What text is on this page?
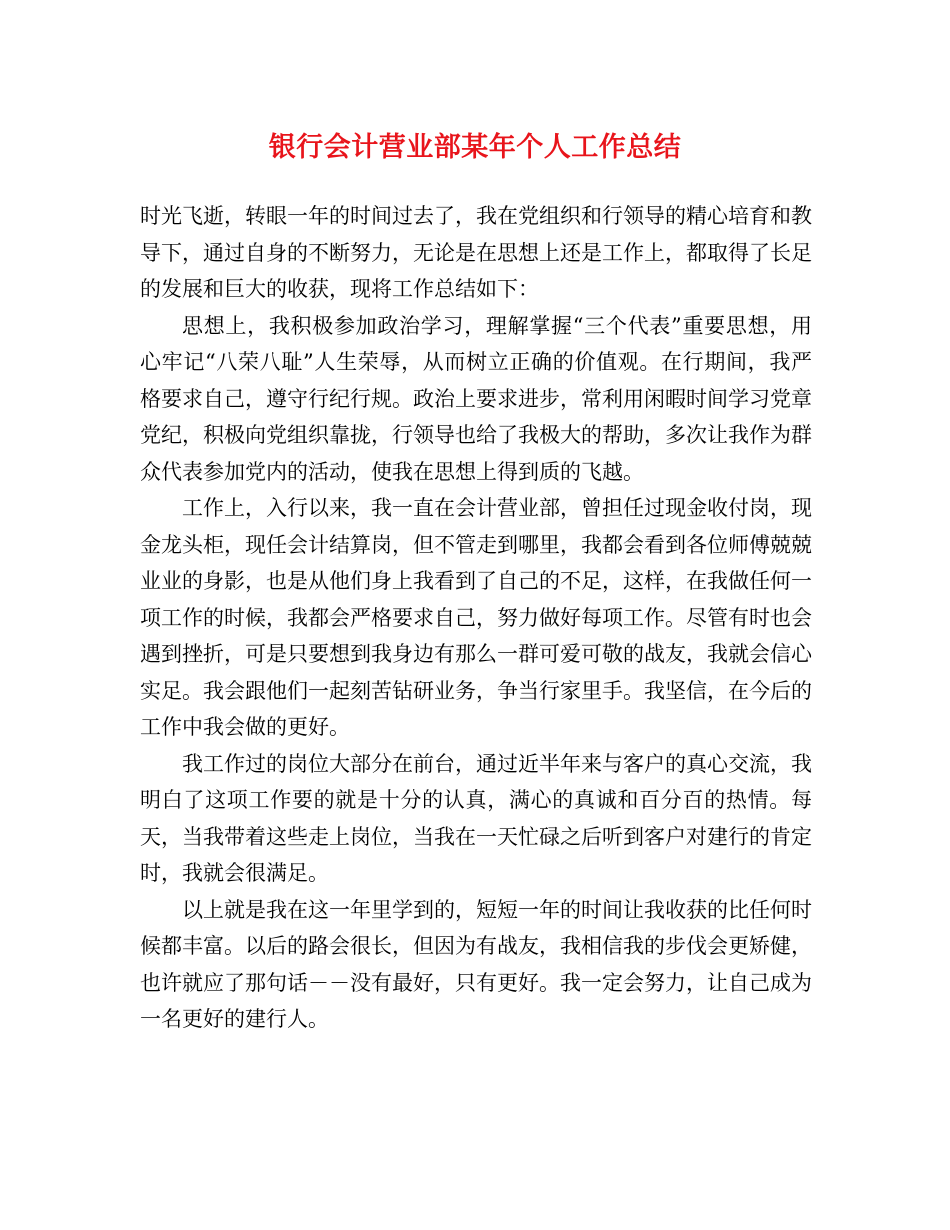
银行会计营业部某年个人工作总结

时光飞逝，转眼一年的时间过去了，我在党组织和行领导的精心培育和教导下，通过自身的不断努力，无论是在思想上还是工作上，都取得了长足的发展和巨大的收获，现将工作总结如下：

思想上，我积极参加政治学习，理解掌握“三个代表”重要思想，用心牢记“八荣八耻”人生荣辱，从而树立正确的价值观。在行期间，我严格要求自己，遵守行纪行规。政治上要求进步，常利用闲暇时间学习党章党纪，积极向党组织靠拢，行领导也给了我极大的帮助，多次让我作为群众代表参加党内的活动，使我在思想上得到质的飞越。

工作上，入行以来，我一直在会计营业部，曾担任过现金收付岗，现金龙头柜，现任会计结算岗，但不管走到哪里，我都会看到各位师傅兢兢业业的身影，也是从他们身上我看到了自己的不足，这样，在我做任何一项工作的时候，我都会严格要求自己，努力做好每项工作。尽管有时也会遇到挫折，可是只要想到我身边有那么一群可爱可敬的战友，我就会信心实足。我会跟他们一起刻苦钻研业务，争当行家里手。我坚信，在今后的工作中我会做的更好。

我工作过的岗位大部分在前台，通过近半年来与客户的真心交流，我明白了这项工作要的就是十分的认真，满心的真诚和百分百的热情。每天，当我带着这些走上岗位，当我在一天忙碌之后听到客户对建行的肯定时，我就会很满足。

以上就是我在这一年里学到的，短短一年的时间让我收获的比任何时候都丰富。以后的路会很长，但因为有战友，我相信我的步伐会更矫健，也许就应了那句话－－没有最好，只有更好。我一定会努力，让自己成为一名更好的建行人。
